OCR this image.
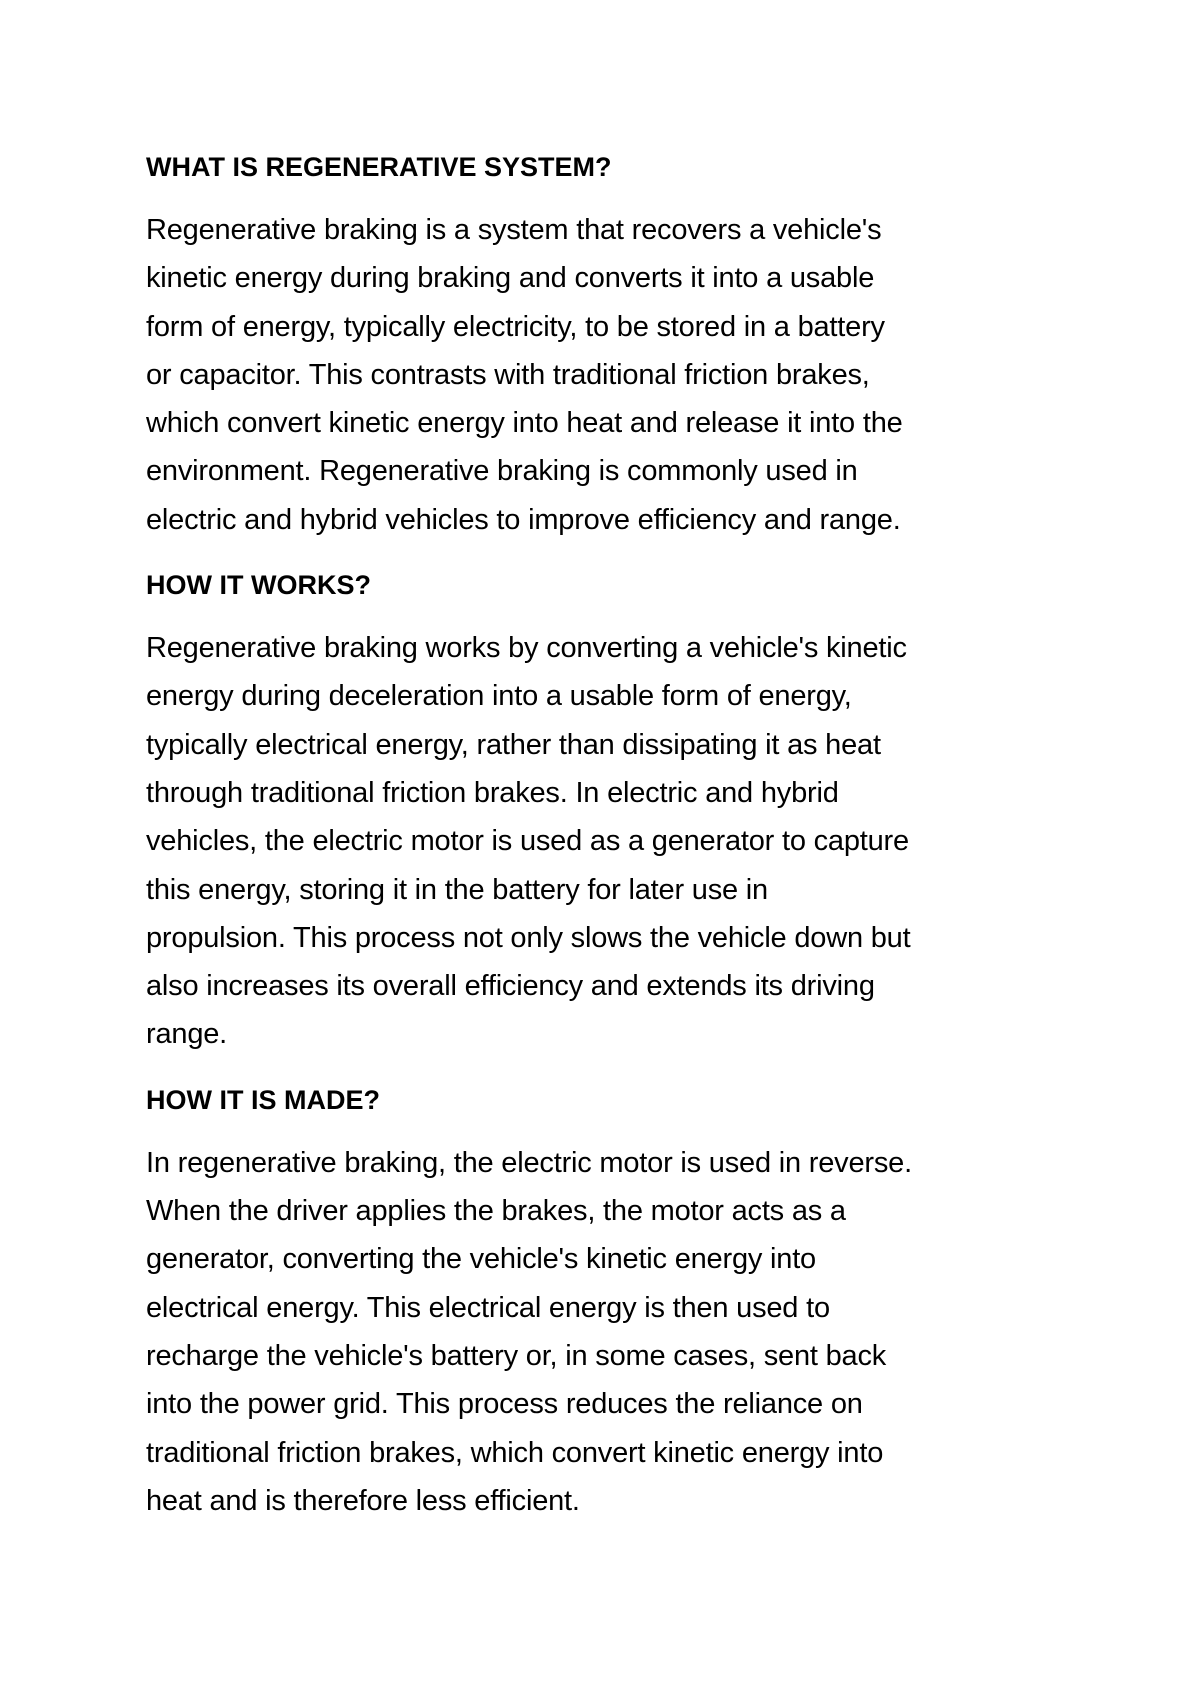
WHAT IS REGENERATIVE SYSTEM?

Regenerative braking is a system that recovers a vehicle's
kinetic energy during braking and converts it into a usable
form of energy, typically electricity, to be stored in a battery
or capacitor. This contrasts with traditional friction brakes,
which convert kinetic energy into heat and release it into the
environment. Regenerative braking is commonly used in
electric and hybrid vehicles to improve efficiency and range.

HOW IT WORKS?

Regenerative braking works by converting a vehicle's kinetic
energy during deceleration into a usable form of energy,
typically electrical energy, rather than dissipating it as heat
through traditional friction brakes. In electric and hybrid
vehicles, the electric motor is used as a generator to capture
this energy, storing it in the battery for later use in
propulsion. This process not only slows the vehicle down but
also increases its overall efficiency and extends its driving
range.

HOW IT IS MADE?

In regenerative braking, the electric motor is used in reverse.
When the driver applies the brakes, the motor acts as a
generator, converting the vehicle's kinetic energy into
electrical energy. This electrical energy is then used to
recharge the vehicle's battery or, in some cases, sent back
into the power grid. This process reduces the reliance on
traditional friction brakes, which convert kinetic energy into
heat and is therefore less efficient.
